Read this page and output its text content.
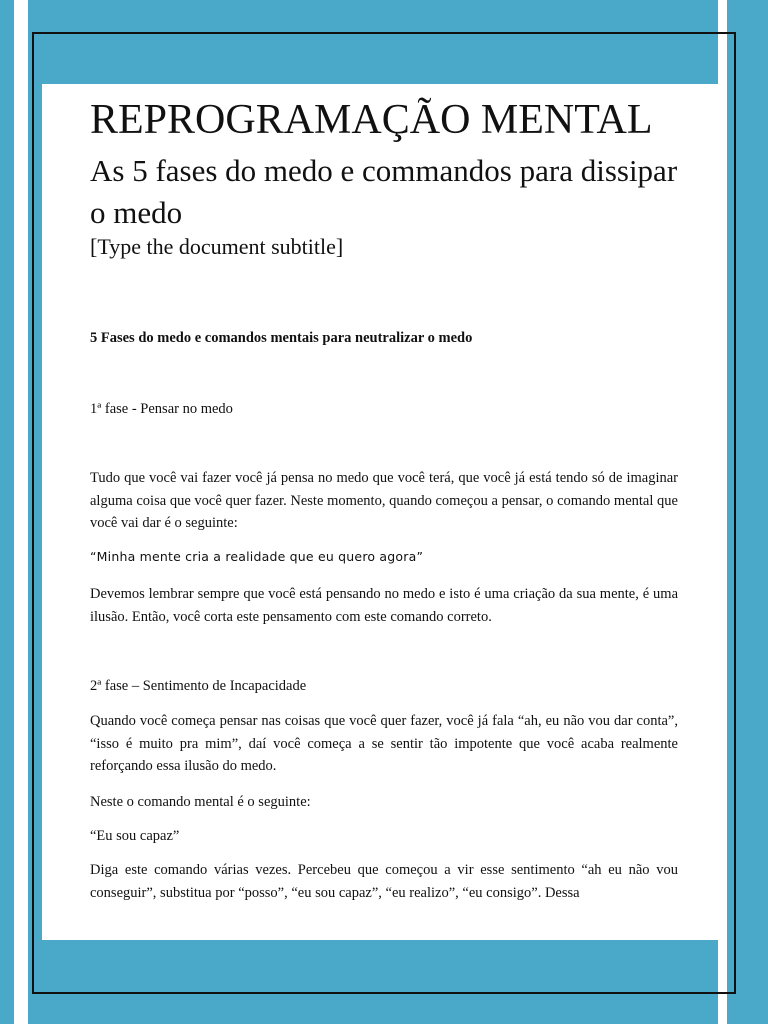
REPROGRAMAÇÃO MENTAL
As 5 fases do medo e commandos para dissipar o medo
[Type the document subtitle]
5 Fases do medo e comandos mentais para neutralizar o medo

1ª fase - Pensar no medo

Tudo que você vai fazer você já pensa no medo que você terá, que você já está tendo só de imaginar alguma coisa que você quer fazer. Neste momento, quando começou a pensar, o comando mental que você vai dar é o seguinte:

“Minha mente cria a realidade que eu quero agora”

Devemos lembrar sempre que você está pensando no medo e isto é uma criação da sua mente, é uma ilusão. Então, você corta este pensamento com este comando correto.

2ª fase – Sentimento de Incapacidade

Quando você começa pensar nas coisas que você quer fazer, você já fala “ah, eu não vou dar conta”, “isso é muito pra mim”, daí você começa a se sentir tão impotente que você acaba realmente reforçando essa ilusão do medo.

Neste o comando mental é o seguinte:

“Eu sou capaz”

Diga este comando várias vezes. Percebeu que começou a vir esse sentimento “ah eu não vou conseguir”, substitua por “posso”, “eu sou capaz”, “eu realizo”, “eu consigo”. Dessa
